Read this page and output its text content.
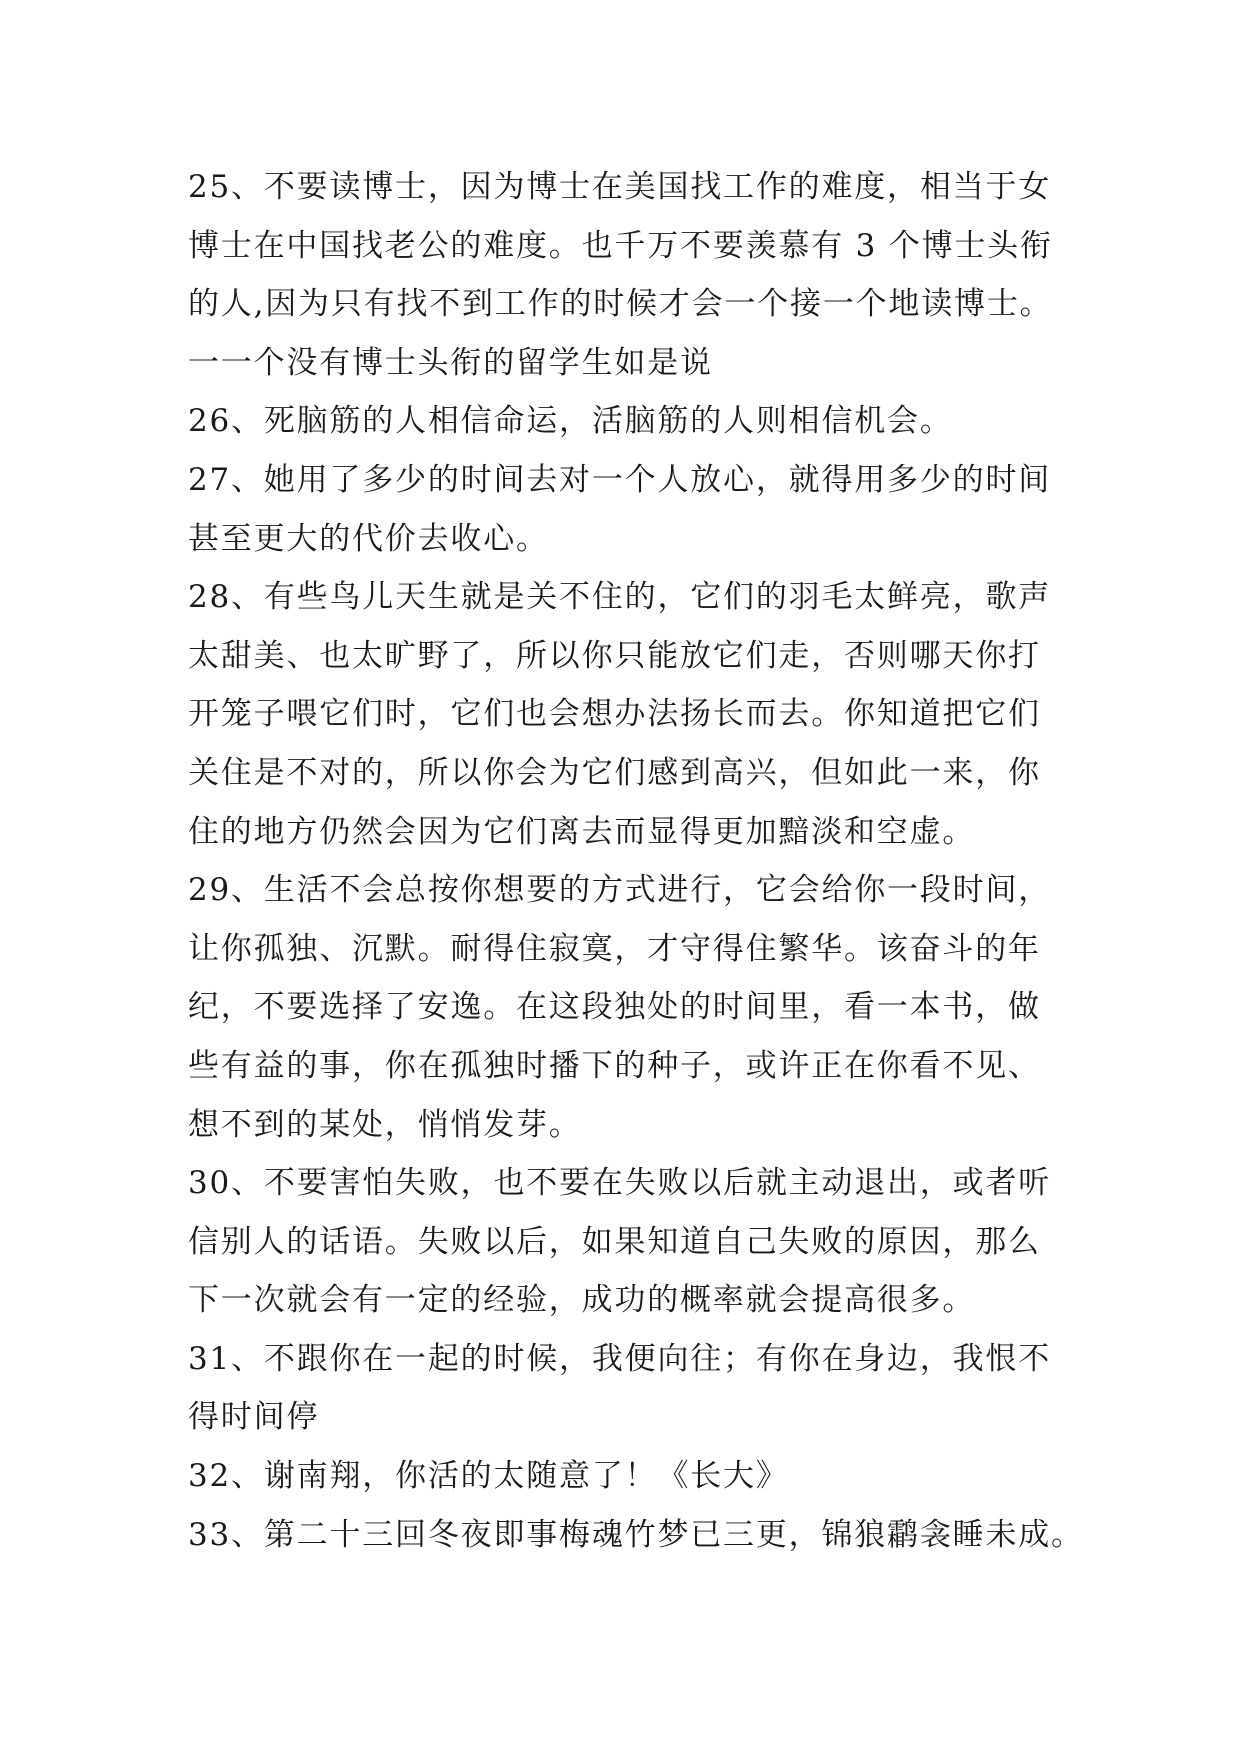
25、不要读博士，因为博士在美国找工作的难度，相当于女
博士在中国找老公的难度。也千万不要羡慕有 3 个博士头衔
的人,因为只有找不到工作的时候才会一个接一个地读博士。
一一个没有博士头衔的留学生如是说

26、死脑筋的人相信命运，活脑筋的人则相信机会。

27、她用了多少的时间去对一个人放心，就得用多少的时间
甚至更大的代价去收心。

28、有些鸟儿天生就是关不住的，它们的羽毛太鲜亮，歌声
太甜美、也太旷野了，所以你只能放它们走，否则哪天你打
开笼子喂它们时，它们也会想办法扬长而去。你知道把它们
关住是不对的，所以你会为它们感到高兴，但如此一来，你
住的地方仍然会因为它们离去而显得更加黯淡和空虚。

29、生活不会总按你想要的方式进行，它会给你一段时间，
让你孤独、沉默。耐得住寂寞，才守得住繁华。该奋斗的年
纪，不要选择了安逸。在这段独处的时间里，看一本书，做
些有益的事，你在孤独时播下的种子，或许正在你看不见、
想不到的某处，悄悄发芽。

30、不要害怕失败，也不要在失败以后就主动退出，或者听
信别人的话语。失败以后，如果知道自己失败的原因，那么
下一次就会有一定的经验，成功的概率就会提高很多。

31、不跟你在一起的时候，我便向往；有你在身边，我恨不
得时间停

32、谢南翔，你活的太随意了！《长大》

33、第二十三回冬夜即事梅魂竹梦已三更，锦狼鹴衾睡未成。
